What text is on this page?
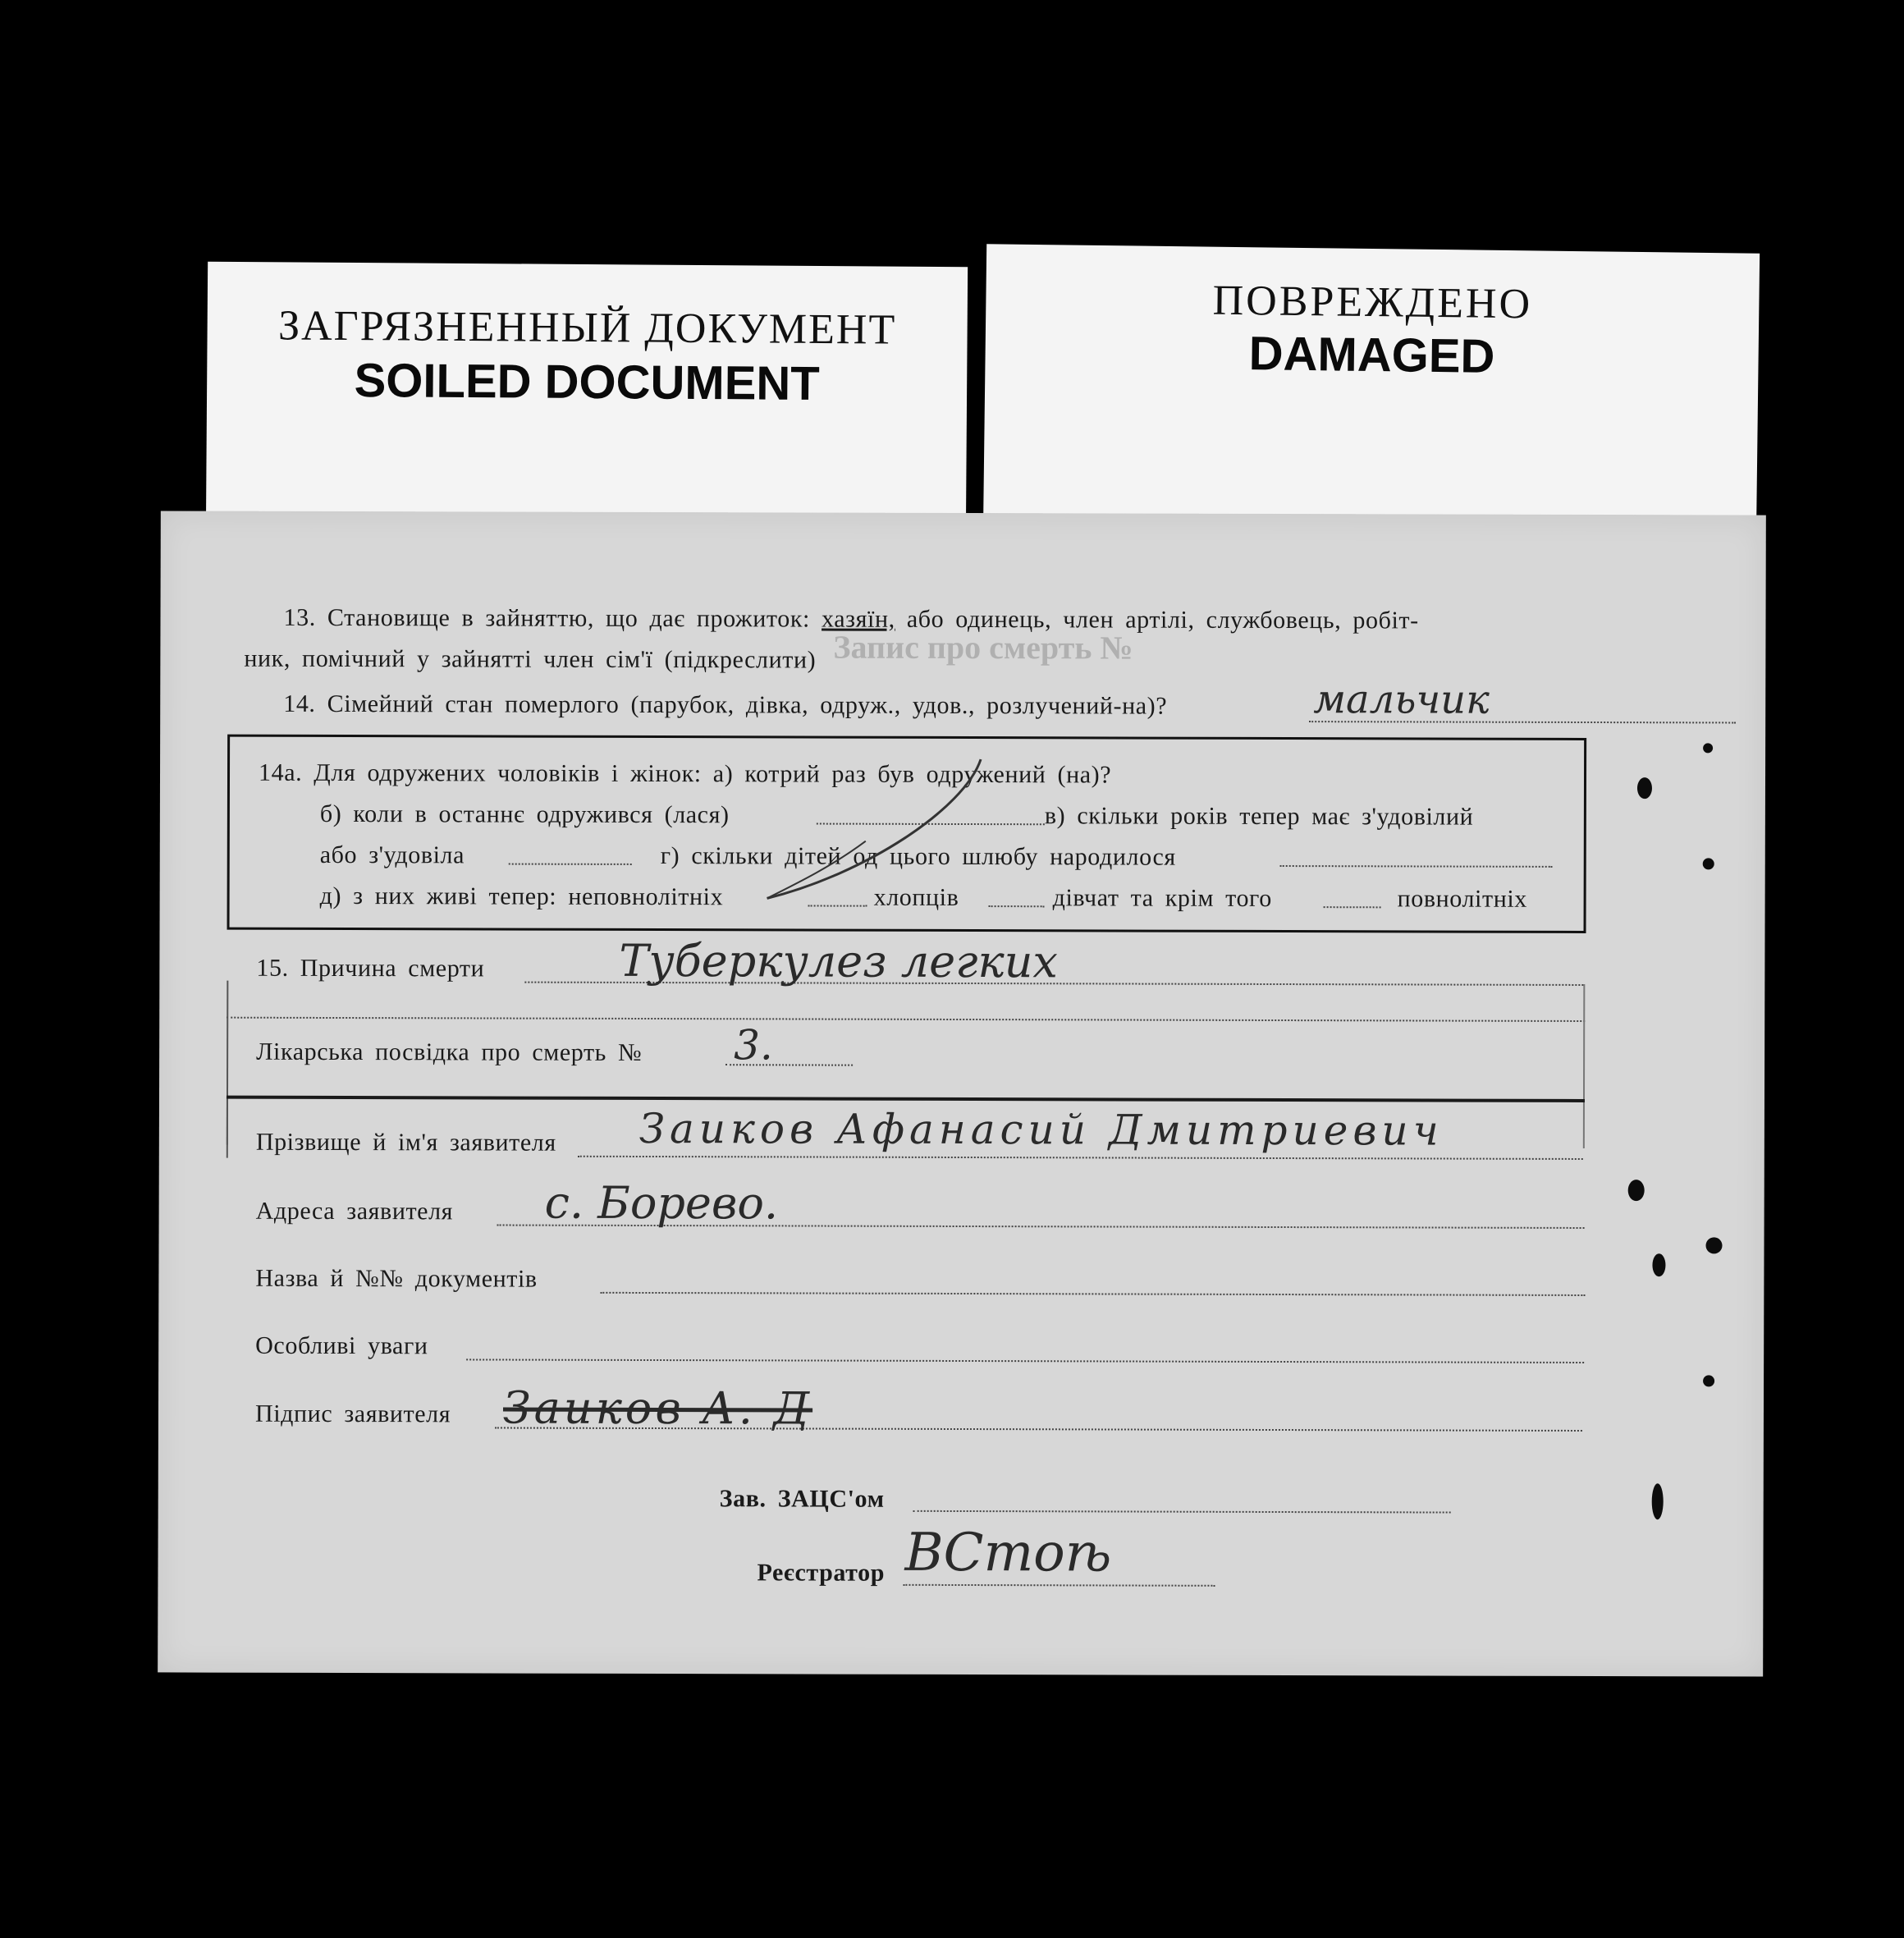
ЗАГРЯЗНЕННЫЙ ДОКУМЕНТ
SOILED DOCUMENT
ПОВРЕЖДЕНО
DAMAGED
Запис про смерть №
13. Становище в зайняттю, що дає прожиток: хазяїн, або одинець, член артілі, службовець, робіт-
ник, помічний у зайнятті член сім'ї (підкреслити)
14. Сімейний стан померлого (парубок, дівка, одруж., удов., розлучений-на)?	мальчик
14а. Для одружених чоловіків і жінок: а) котрий раз був одружений (на)?
б) коли в останнє одружився (лася)	в) скільки років тепер має з'удовілий
або з'удовіла	г) скільки дітей од цього шлюбу народилося
д) з них живі тепер: неповнолітніх	хлопців	дівчат та крім того	повнолітніх
15. Причина смерти	Туберкулез легких
Лікарська посвідка про смерть № 3.
Прізвище й ім'я заявителя Заиков Афанасий Дмитриевич
Адреса заявителя с. Борево.
Назва й №№ документів
Особливі уваги
Підпис заявителя Заиков А. Д
Зав. ЗАЦС'ом
Реєстратор ВСтоѣ
